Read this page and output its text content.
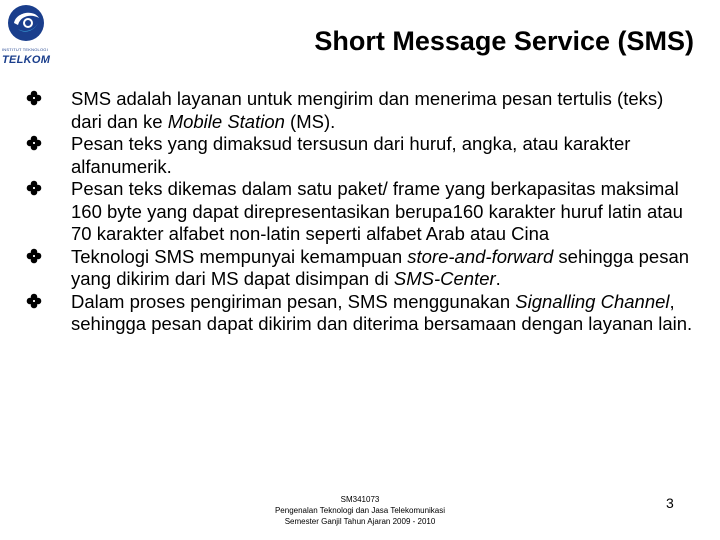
INSTITUT TEKNOLOGI
TELKOM
Short Message Service (SMS)
SMS adalah layanan untuk mengirim dan menerima pesan tertulis (teks) dari dan ke Mobile Station (MS).
Pesan teks yang dimaksud tersusun dari huruf, angka, atau karakter alfanumerik.
Pesan teks dikemas dalam satu paket/ frame yang berkapasitas maksimal 160 byte yang dapat direpresentasikan berupa160 karakter huruf latin atau 70 karakter alfabet non-latin seperti alfabet Arab atau Cina
Teknologi SMS mempunyai kemampuan store-and-forward sehingga pesan yang dikirim dari MS dapat disimpan di SMS-Center.
Dalam proses pengiriman pesan, SMS menggunakan Signalling Channel, sehingga pesan dapat dikirim dan diterima bersamaan dengan layanan lain.
SM341073
Pengenalan Teknologi dan Jasa Telekomunikasi
Semester Ganjil Tahun Ajaran 2009 - 2010
3
